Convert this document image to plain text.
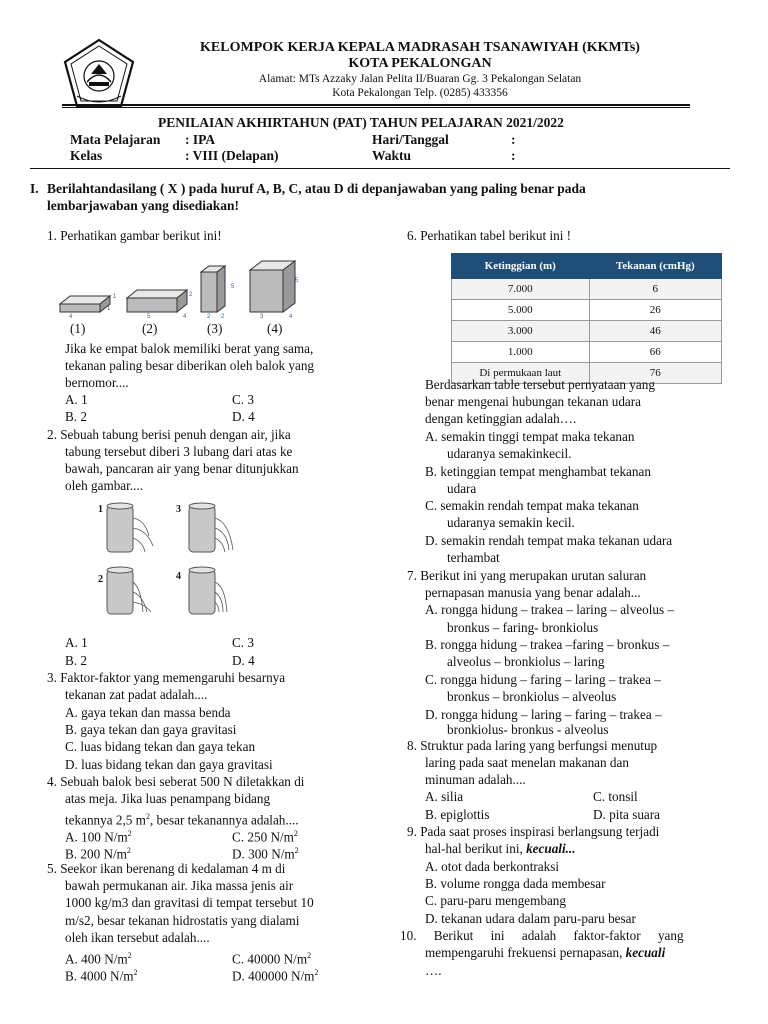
KELOMPOK KERJA KEPALA MADRASAH TSANAWIYAH (KKMTs)
KOTA PEKALONGAN
Alamat: MTs Azzaky Jalan Pelita II/Buaran Gg. 3 Pekalongan Selatan
Kota Pekalongan Telp. (0285) 433356
PENILAIAN AKHIRTAHUN (PAT) TAHUN PELAJARAN 2021/2022
Mata Pelajaran : IPA	Hari/Tanggal	:
Kelas	: VIII (Delapan)	Waktu	:
I. Berilahtandasilang ( X ) pada huruf A, B, C, atau D di depanjawaban yang paling benar pada
lembarjawaban yang disediakan!
1. Perhatikan gambar berikut ini!
4
1
1
5	4
2
2 2
5
3	4
5
(1)	(2)	(3)	(4)
Jika ke empat balok memiliki berat yang sama,
tekanan paling besar diberikan oleh balok yang
bernomor....
A. 1	C. 3
B. 2	D. 4
2. Sebuah tabung berisi penuh dengan air, jika
tabung tersebut diberi 3 lubang dari atas ke
bawah, pancaran air yang benar ditunjukkan
oleh gambar....
1	3
2	4
A. 1	C. 3
B. 2	D. 4
3. Faktor-faktor yang memengaruhi besarnya
tekanan zat padat adalah....
A. gaya tekan dan massa benda
B. gaya tekan dan gaya gravitasi
C. luas bidang tekan dan gaya tekan
D. luas bidang tekan dan gaya gravitasi
4. Sebuah balok besi seberat 500 N diletakkan di
atas meja. Jika luas penampang bidang
tekannya 2,5 $m^2$, besar tekanannya adalah....
A. 100 $N/m^2$	C. 250 $N/m^2$
B. 200 $N/m^2$	D. 300 $N/m^2$
5. Seekor ikan berenang di kedalaman 4 m di
bawah permukanan air. Jika massa jenis air
1000 kg/m3 dan gravitasi di tempat tersebut 10
m/s2, besar tekanan hidrostatis yang dialami
oleh ikan tersebut adalah....
A. 400 $N/m^2$	C. 40000 $N/m^2$
B. 4000 $N/m^2$	D. 400000 $N/m^2$
6. Perhatikan tabel berikut ini !
Ketinggian (m)	Tekanan (cmHg)
7.000	6
5.000	26
3.000	46
1.000	66
Di permukaan laut	76
Berdasarkan table tersebut pernyataan yang
benar mengenai hubungan tekanan udara
dengan ketinggian adalah….
A. semakin tinggi tempat maka tekanan
udaranya semakinkecil.
B. ketinggian tempat menghambat tekanan
udara
C. semakin rendah tempat maka tekanan
udaranya semakin kecil.
D. semakin rendah tempat maka tekanan udara
terhambat
7. Berikut ini yang merupakan urutan saluran
pernapasan manusia yang benar adalah...
A. rongga hidung – trakea – laring – alveolus –
bronkus – faring- bronkiolus
B. rongga hidung – trakea –faring – bronkus –
alveolus – bronkiolus – laring
C. rongga hidung – faring – laring – trakea –
bronkus – bronkiolus – alveolus
D. rongga hidung – laring – faring – trakea –
bronkiolus- bronkus - alveolus
8. Struktur pada laring yang berfungsi menutup
laring pada saat menelan makanan dan
minuman adalah....
A. silia	C. tonsil
B. epiglottis	D. pita suara
9. Pada saat proses inspirasi berlangsung terjadi
hal-hal berikut ini, kecuali...
A. otot dada berkontraksi
B. volume rongga dada membesar
C. paru-paru mengembang
D. tekanan udara dalam paru-paru besar
10. Berikut ini adalah faktor-faktor yang
mempengaruhi frekuensi pernapasan, kecuali
….
